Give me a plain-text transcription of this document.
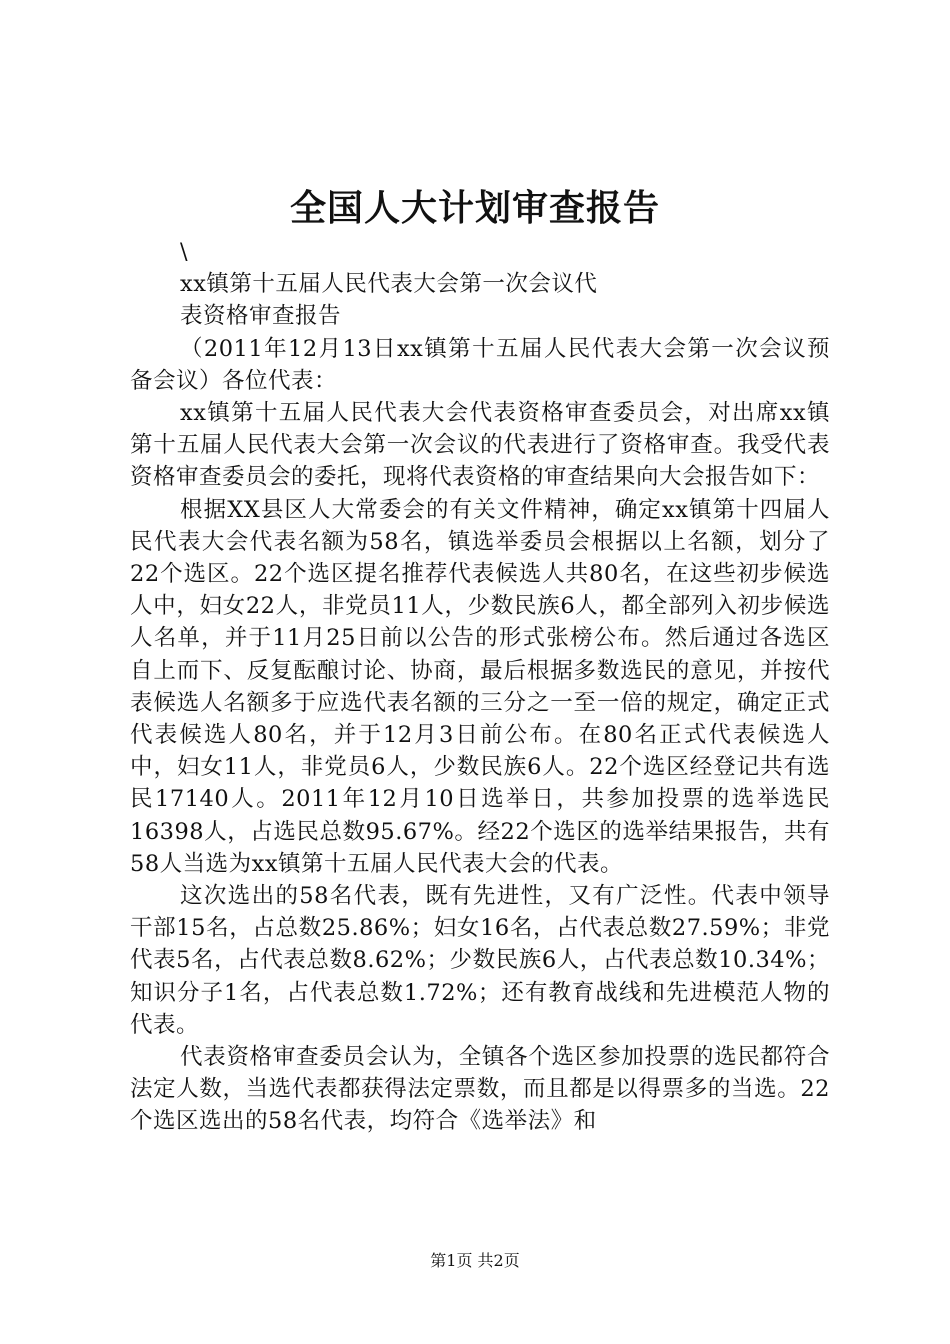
全国人大计划审查报告

\

xx镇第十五届人民代表大会第一次会议代

表资格审查报告

（2011年12月13日xx镇第十五届人民代表大会第一次会议预备会议）各位代表：

xx镇第十五届人民代表大会代表资格审查委员会，对出席xx镇第十五届人民代表大会第一次会议的代表进行了资格审查。我受代表资格审查委员会的委托，现将代表资格的审查结果向大会报告如下：

根据XX县区人大常委会的有关文件精神，确定xx镇第十四届人民代表大会代表名额为58名，镇选举委员会根据以上名额，划分了22个选区。22个选区提名推荐代表候选人共80名，在这些初步候选人中，妇女22人，非党员11人，少数民族6人，都全部列入初步候选人名单，并于11月25日前以公告的形式张榜公布。然后通过各选区自上而下、反复酝酿讨论、协商，最后根据多数选民的意见，并按代表候选人名额多于应选代表名额的三分之一至一倍的规定，确定正式代表候选人80名，并于12月3日前公布。在80名正式代表候选人中，妇女11人，非党员6人，少数民族6人。22个选区经登记共有选民17140人。2011年12月10日选举日，共参加投票的选举选民16398人，占选民总数95.67%。经22个选区的选举结果报告，共有58人当选为xx镇第十五届人民代表大会的代表。

这次选出的58名代表，既有先进性，又有广泛性。代表中领导干部15名，占总数25.86%；妇女16名，占代表总数27.59%；非党代表5名，占代表总数8.62%；少数民族6人，占代表总数10.34%；知识分子1名，占代表总数1.72%；还有教育战线和先进模范人物的代表。

代表资格审查委员会认为，全镇各个选区参加投票的选民都符合法定人数，当选代表都获得法定票数，而且都是以得票多的当选。22个选区选出的58名代表，均符合《选举法》和

第1页 共2页
